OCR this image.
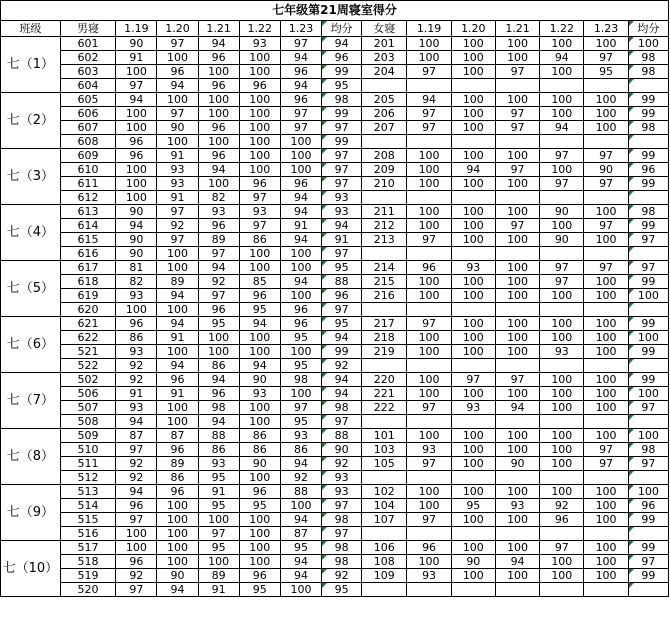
七年级第21周寝室得分														
班级	男寝	1.19	1.20	1.21	1.22	1.23	均分	女寝	1.19	1.20	1.21	1.22	1.23	均分
七（1）	601	90	97	94	93	97	94	201	100	100	100	100	100	100
	602	91	100	96	100	94	96	203	100	100	100	94	97	98
	603	100	96	100	100	96	99	204	97	100	97	100	95	98
	604	97	94	96	96	94	95							
七（2）	605	94	100	100	100	96	98	205	94	100	100	100	100	99
	606	100	97	100	100	97	99	206	97	100	97	100	100	99
	607	100	90	96	100	97	97	207	97	100	97	94	100	98
	608	96	100	100	100	100	99							
七（3）	609	96	91	96	100	100	97	208	100	100	100	97	97	99
	610	100	93	94	100	100	97	209	100	94	97	100	90	96
	611	100	93	100	96	96	97	210	100	100	100	97	97	99
	612	100	91	82	97	94	93							
七（4）	613	90	97	93	93	94	93	211	100	100	100	90	100	98
	614	94	92	96	97	91	94	212	100	100	97	100	97	99
	615	90	97	89	86	94	91	213	97	100	100	90	100	97
	616	90	100	97	100	100	97							
七（5）	617	81	100	94	100	100	95	214	96	93	100	97	97	97
	618	82	89	92	85	94	88	215	100	100	100	97	100	99
	619	93	94	97	96	100	96	216	100	100	100	100	100	100
	620	100	100	96	95	96	97							
七（6）	621	96	94	95	94	96	95	217	97	100	100	100	100	99
	622	86	91	100	100	95	94	218	100	100	100	100	100	100
	521	93	100	100	100	100	99	219	100	100	100	93	100	99
	522	92	94	86	94	95	92							
七（7）	502	92	96	94	90	98	94	220	100	97	97	100	100	99
	506	91	91	96	93	100	94	221	100	100	100	100	100	100
	507	93	100	98	100	97	98	222	97	93	94	100	100	97
	508	94	100	94	100	95	97							
七（8）	509	87	87	88	86	93	88	101	100	100	100	100	100	100
	510	97	96	86	86	86	90	103	93	100	100	100	97	98
	511	92	89	93	90	94	92	105	97	100	90	100	97	97
	512	92	86	95	100	92	93							
七（9）	513	94	96	91	96	88	93	102	100	100	100	100	100	100
	514	96	100	95	95	100	97	104	100	95	93	92	100	96
	515	97	100	100	100	94	98	107	97	100	100	96	100	99
	516	100	100	97	100	87	97							
七（10）	517	100	100	95	100	95	98	106	96	100	100	97	100	99
	518	96	100	100	100	94	98	108	100	90	94	100	100	97
	519	92	90	89	96	94	92	109	93	100	100	100	100	99
	520	97	94	91	95	100	95							
